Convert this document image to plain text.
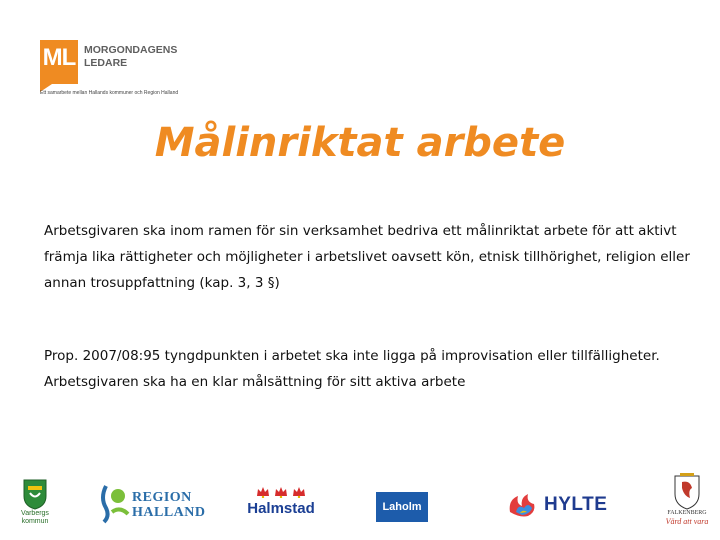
ML MORGONDAGENS
LEDARE
Ett samarbete mellan Hallands kommuner och Region Halland
Målinriktat arbete
Arbetsgivaren ska inom ramen för sin verksamhet bedriva ett målinriktat arbete för att aktivt främja lika rättigheter och möjligheter i arbetslivet oavsett kön, etnisk tillhörighet, religion eller annan trosuppfattning (kap. 3, 3 §)
Prop. 2007/08:95 tyngdpunkten i arbetet ska inte ligga på improvisation eller tillfälligheter.
Arbetsgivaren ska ha en klar målsättning för sitt aktiva arbete
Varbergs kommun
REGION
HALLAND	Halmstad	Laholm	HYLTE	FALKENBERG
Värd att vara
